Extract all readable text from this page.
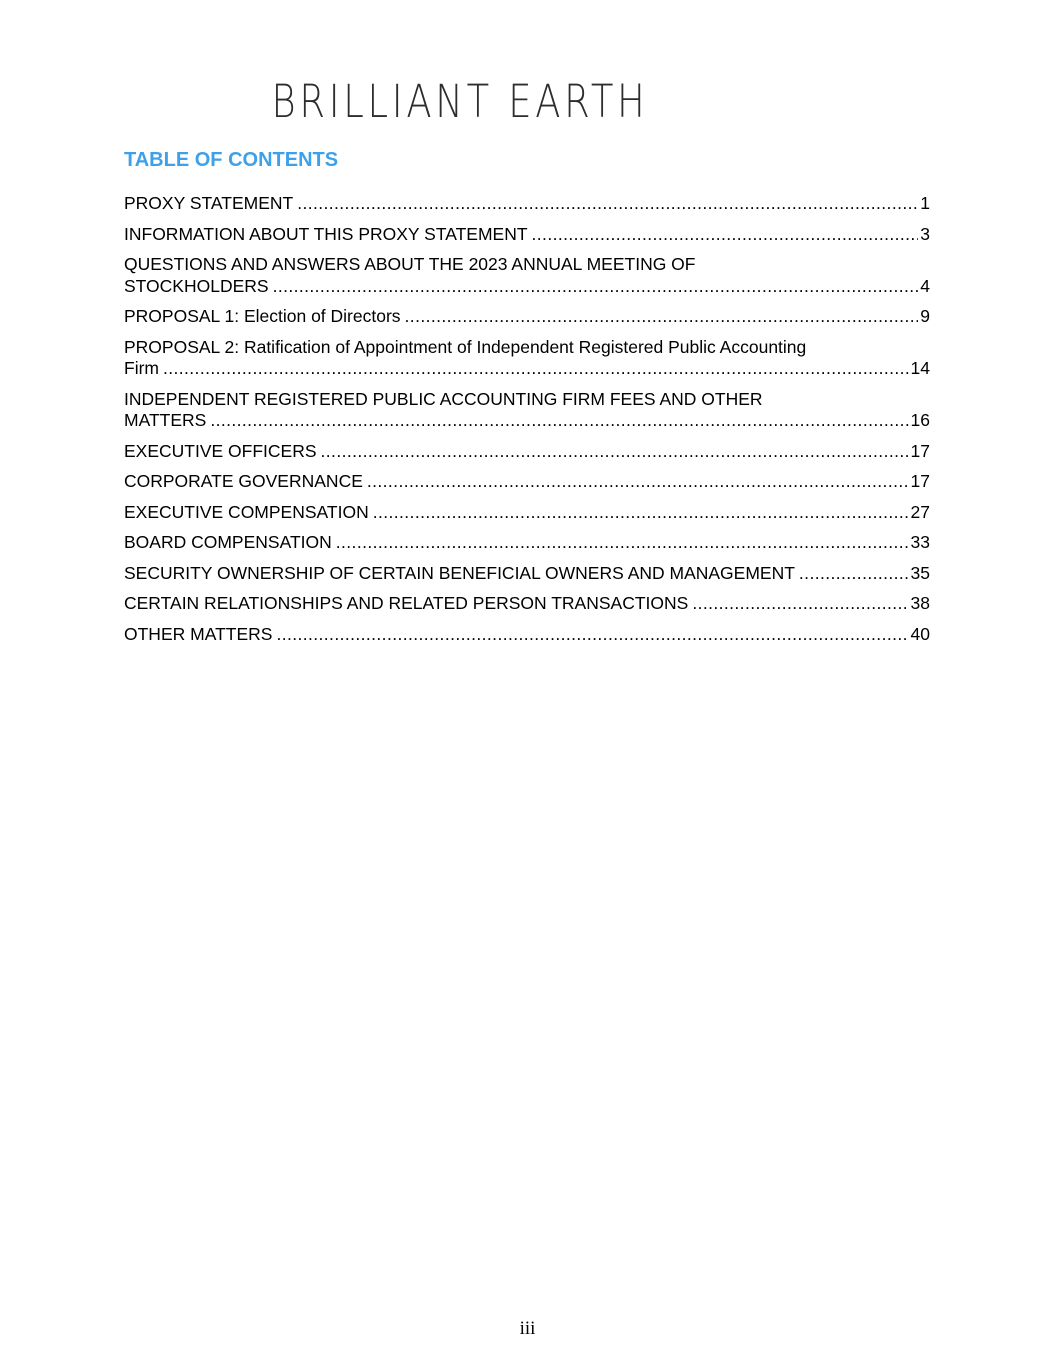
BRILLIANT EARTH
TABLE OF CONTENTS
PROXY STATEMENT .....	1
INFORMATION ABOUT THIS PROXY STATEMENT .....	3
QUESTIONS AND ANSWERS ABOUT THE 2023 ANNUAL MEETING OF
STOCKHOLDERS .....	4
PROPOSAL 1: Election of Directors .....	9
PROPOSAL 2: Ratification of Appointment of Independent Registered Public Accounting
Firm .....	14
INDEPENDENT REGISTERED PUBLIC ACCOUNTING FIRM FEES AND OTHER
MATTERS .....	16
EXECUTIVE OFFICERS .....	17
CORPORATE GOVERNANCE .....	17
EXECUTIVE COMPENSATION .....	27
BOARD COMPENSATION .....	33
SECURITY OWNERSHIP OF CERTAIN BENEFICIAL OWNERS AND MANAGEMENT .....	35
CERTAIN RELATIONSHIPS AND RELATED PERSON TRANSACTIONS .....	38
OTHER MATTERS .....	40
iii
